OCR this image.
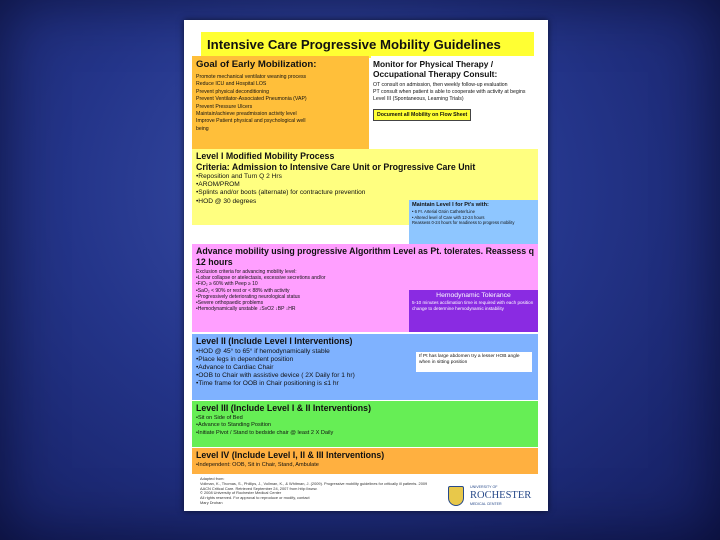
Intensive Care Progressive Mobility Guidelines
Goal of Early Mobilization:
Promote mechanical ventilator weaning process
Reduce ICU and Hospital LOS
Prevent physical deconditioning
Prevent Ventilator-Associated Pneumonia (VAP)
Prevent Pressure Ulcers
Maintain/achieve preadmission activity level
Improve Patient physical and psychological well
being
Monitor for Physical Therapy / Occupational Therapy Consult:

OT consult on admission, then weekly follow-up evaluation

PT consult when patient is able to cooperate with activity at begins Level III (Spontaneous, Learning Trials)

Document all Mobility on Flow Sheet
Level I Modified Mobility Process
Criteria: Admission to Intensive Care Unit or Progressive Care Unit
•Reposition and Turn Q 2 Hrs
•AROM/PROM
•Splints and/or boots (alternate) for contracture prevention
•HOD @ 30 degrees

Maintain Level I for Pt's with:

• 6 Fr. Arterial Groin Catheter/Line
• Altered level of Care with 12-24 hours
Reassess 0-24 hours for readiness to progress mobility
Advance mobility using progressive Algorithm Level as Pt. tolerates. Reassess q 12 hours
Exclusion criteria for advancing mobility level:
•Lobar collapse or atelectasis, excessive secretions and/or
•FiO₂ ≥ 60% with Peep ≥ 10
•SaO₂ < 90% or rest or < 88% with activity
•Progressively deteriorating neurological status
•Severe orthopaedic problems
•Hemodynamically unstable ↓SvO2 ↓BP ↓HR
Hemodynamic Tolerance

5-10 minutes acclimation time is required with each position change to determine hemodynamic instability

Level II (Include Level I Interventions)
•HOD @ 45° to 65° if hemodynamically stable
•Place legs in dependent position
•Advance to Cardiac Chair
•OOB to Chair with assistive device ( 2X Daily for 1 hr)
•Time frame for OOB in Chair positioning is ≤1 hr
If Pt has large abdomen try a lesser HOB angle when in sitting position
Level III (Include Level I & II Interventions)
•Sit on Side of Bed
•Advance to Standing Position
•Initiate Pivot / Stand to bedside chair @ least 2 X Daily
Level IV (Include Level I, II & III Interventions)
•Independent: OOB, Sit in Chair, Stand, Ambulate

Adapted from:

Vollman, K., Thomas, S., Phillips, J., Vollman, K., & Whitman, J. (2009). Progressive mobility guidelines for critically ill patients. 2009

AACN Critical Care. Retrieved September 24, 2007 from http://www.

© 2008 University of Rochester Medical Center

All rights reserved. For approval to reproduce or modify, contact

Mary Drohan

UNIVERSITY OF
ROCHESTER
MEDICAL CENTER
